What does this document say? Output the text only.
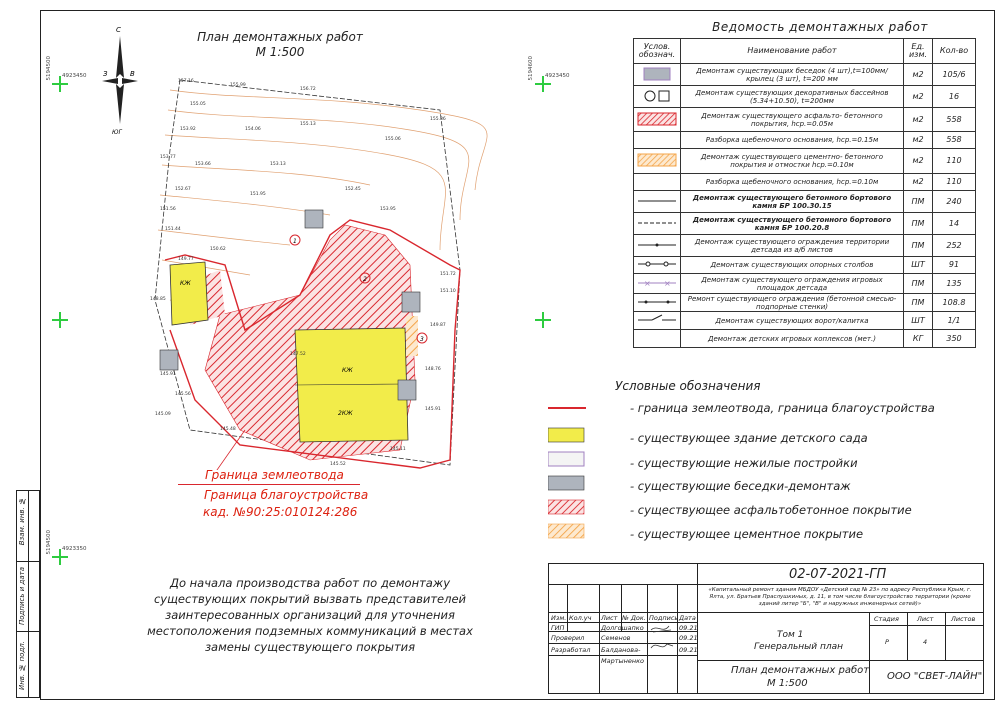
Взам. инв. №
Подпись и дата
Инв. № подл.
План демонтажных работ
М 1:500
С
З	В
ЮГ
4923450	4923450
4923350
5194500	5194600
5194500
КЖ
2КЖ
КЖ
1
2
3
157.16
155.99
156.72
155.86
155.05
155.13
155.06
154.06
153.92
153.77
153.66	153.13
152.67
151.95
151.56
151.44
150.62
151.72
151.10
149.87
149.77
148.85
147.52
145.91
145.56
145.09
145.48
148.76
145.91
145.11
145.52
153.95
152.45
Граница землеотвода
Граница благоустройства
кад. №90:25:010124:286
Ведомость демонтажных работ
Услов. обознач.	Наименование работ	Ед. изм.	Кол-во
	Демонтаж существующих беседок (4 шт),t=100мм/ крылец (3 шт), t=200 мм	м2	105/6
	Демонтаж существующих декоративных бассейнов (5.34+10.50), t=200мм	м2	16
	Демонтаж существующего асфальто- бетонного покрытия, hср.=0.05м	м2	558
	Разборка щебеночного основания, hср.=0.15м	м2	558
	Демонтаж существующего цементно- бетонного покрытия и отмостки hср.=0.10м	м2	110
	Разборка щебеночного основания, hср.=0.10м	м2	110
	Демонтаж существующего бетонного бортового камня БР 100.30.15	ПМ	240
	Демонтаж существующего бетонного бортового камня БР 100.20.8	ПМ	14
	Демонтаж существующего ограждения территории детсада из а/б листов	ПМ	252
	Демонтаж существующих опорных столбов	ШТ	91

× ×	Демонтаж существующего ограждения игровых площадок детсада	ПМ	135
	Ремонт существующего ограждения (бетонной смесью-подпорные стенки)	ПМ	108.8
	Демонтаж существующих ворот/калитка	ШТ	1/1
	Демонтаж детских игровых коплексов (мет.)	КГ	350
Условные обозначения
- граница землеотвода, граница благоустройства
- существующее здание детского сада
- существующие нежилые постройки
- существующие беседки-демонтаж
- существующее асфальтобетонное покрытие
- существующее цементное покрытие
До начала производства работ по демонтажу существующих покрытий вызвать представителей заинтересованных организаций для уточнения местоположения подземных коммуникаций в местах замены существующего покрытия
02-07-2021-ГП
«Капитальный ремонт здания МБДОУ «Детский сад № 23» по адресу Республика Крым, г. Ялта, ул. Братьев Праслушкиных, д. 11, в том числе благоустройство территории (кроме зданий литер "Б", "В" и наружных инженерных сетей)»
Изм. Кол.уч Лист № Док. Подпись Дата
ГИП	Долгошапко	09.21
Проверил	Семенов	09.21
Разработал Балданова-	09.21
Мартыненко
Том 1
Генеральный план
Стадия	Лист	Листов
Р	4
План демонтажных работ
М 1:500
ООО "СВЕТ-ЛАЙН"
